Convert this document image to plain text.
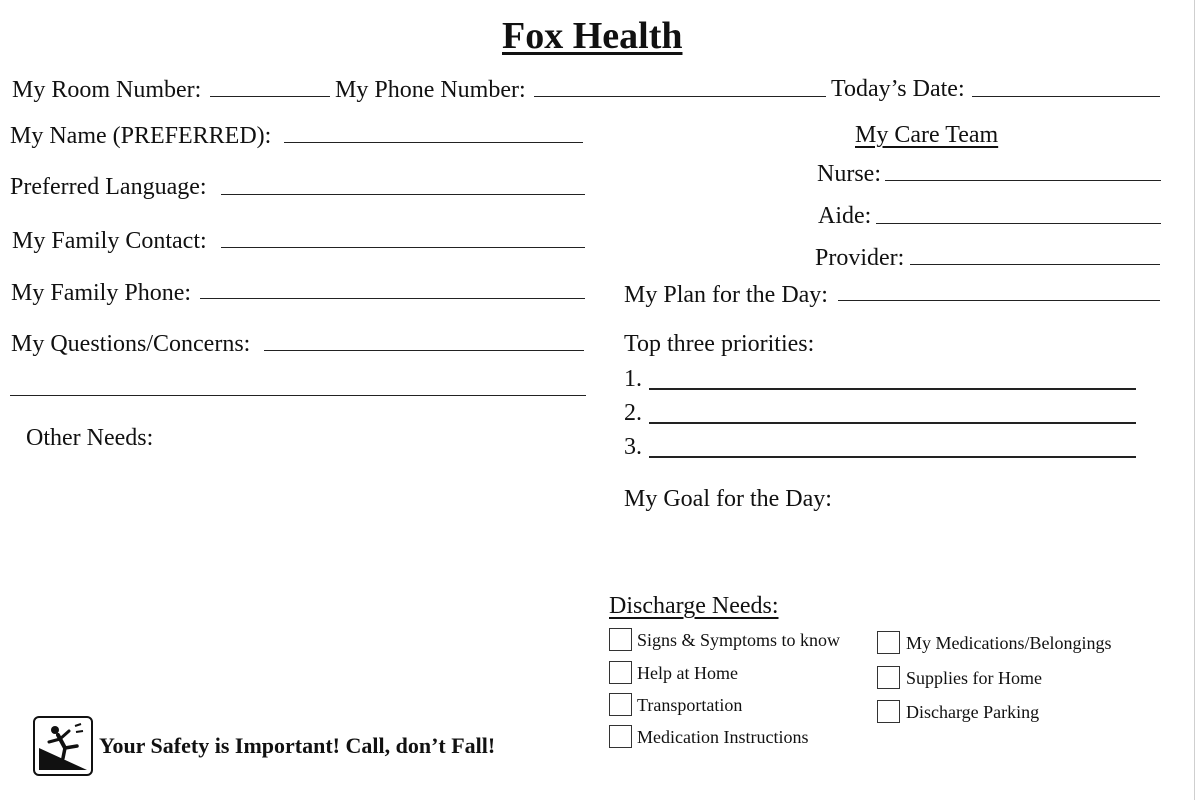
Fox Health
My Room Number:	My Phone Number:	Today’s Date:
My Name (PREFERRED):
Preferred Language:
My Family Contact:
My Family Phone:
My Questions/Concerns:
Other Needs:
My Care Team
Nurse:
Aide:
Provider:
My Plan for the Day:
Top three priorities:
1.
2.
3.
My Goal for the Day:
Discharge Needs:
Signs & Symptoms to know
Help at Home
Transportation
Medication Instructions
My Medications/Belongings
Supplies for Home
Discharge Parking
Your Safety is Important! Call, don’t Fall!
